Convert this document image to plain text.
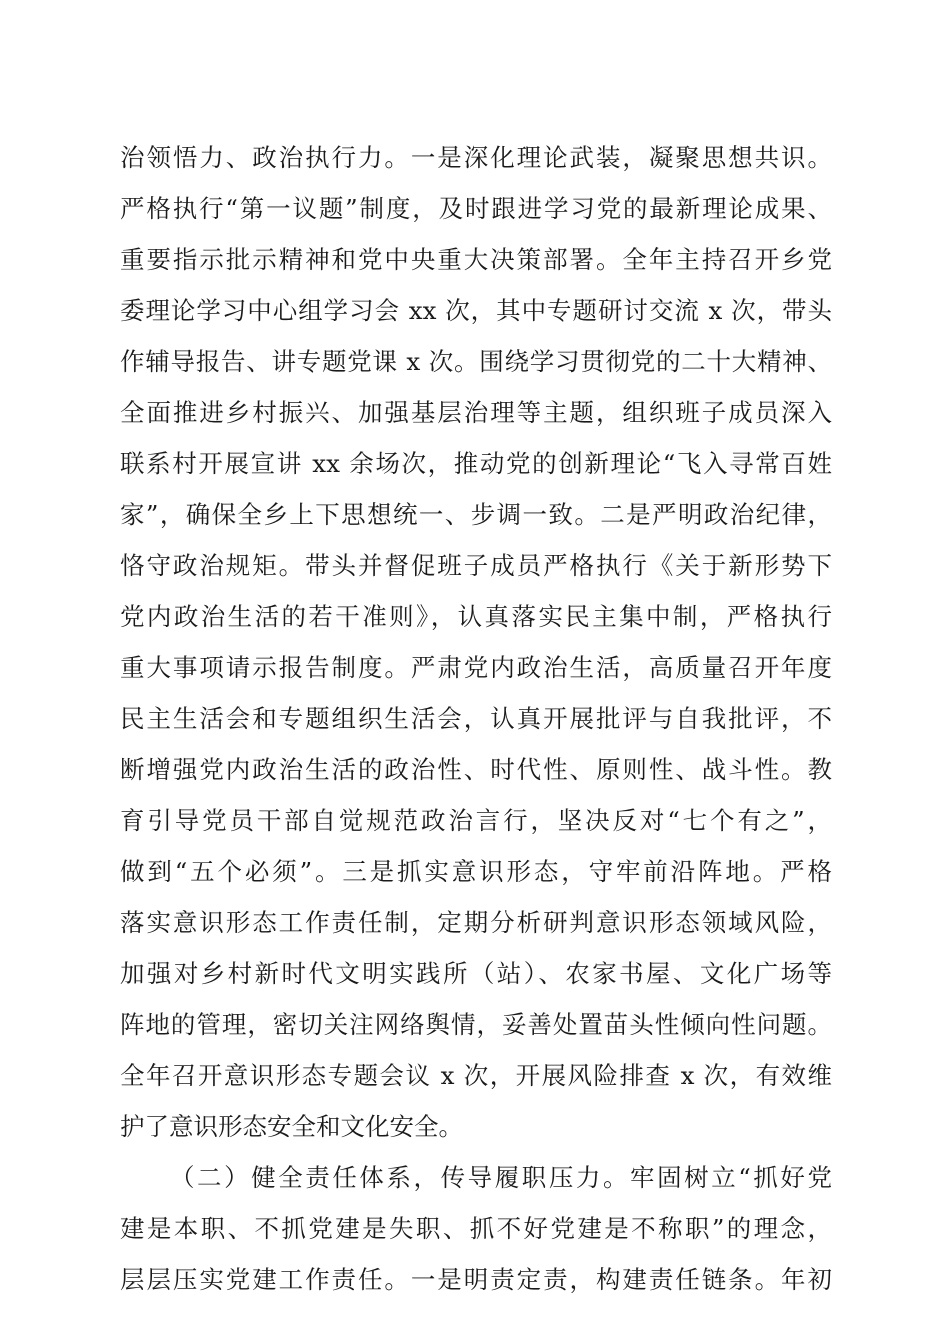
治领悟力、政治执行力。一是深化理论武装，凝聚思想共识。
严格执行“第一议题”制度，及时跟进学习党的最新理论成果、
重要指示批示精神和党中央重大决策部署。全年主持召开乡党
委理论学习中心组学习会 xx 次，其中专题研讨交流 x 次，带头
作辅导报告、讲专题党课 x 次。围绕学习贯彻党的二十大精神、
全面推进乡村振兴、加强基层治理等主题，组织班子成员深入
联系村开展宣讲 xx 余场次，推动党的创新理论“飞入寻常百姓
家”，确保全乡上下思想统一、步调一致。二是严明政治纪律，
恪守政治规矩。带头并督促班子成员严格执行《关于新形势下
党内政治生活的若干准则》，认真落实民主集中制，严格执行
重大事项请示报告制度。严肃党内政治生活，高质量召开年度
民主生活会和专题组织生活会，认真开展批评与自我批评，不
断增强党内政治生活的政治性、时代性、原则性、战斗性。教
育引导党员干部自觉规范政治言行，坚决反对“七个有之”，
做到“五个必须”。三是抓实意识形态，守牢前沿阵地。严格
落实意识形态工作责任制，定期分析研判意识形态领域风险，
加强对乡村新时代文明实践所（站）、农家书屋、文化广场等
阵地的管理，密切关注网络舆情，妥善处置苗头性倾向性问题。
全年召开意识形态专题会议 x 次，开展风险排查 x 次，有效维
护了意识形态安全和文化安全。
（二）健全责任体系，传导履职压力。牢固树立“抓好党
建是本职、不抓党建是失职、抓不好党建是不称职”的理念，
层层压实党建工作责任。一是明责定责，构建责任链条。年初
